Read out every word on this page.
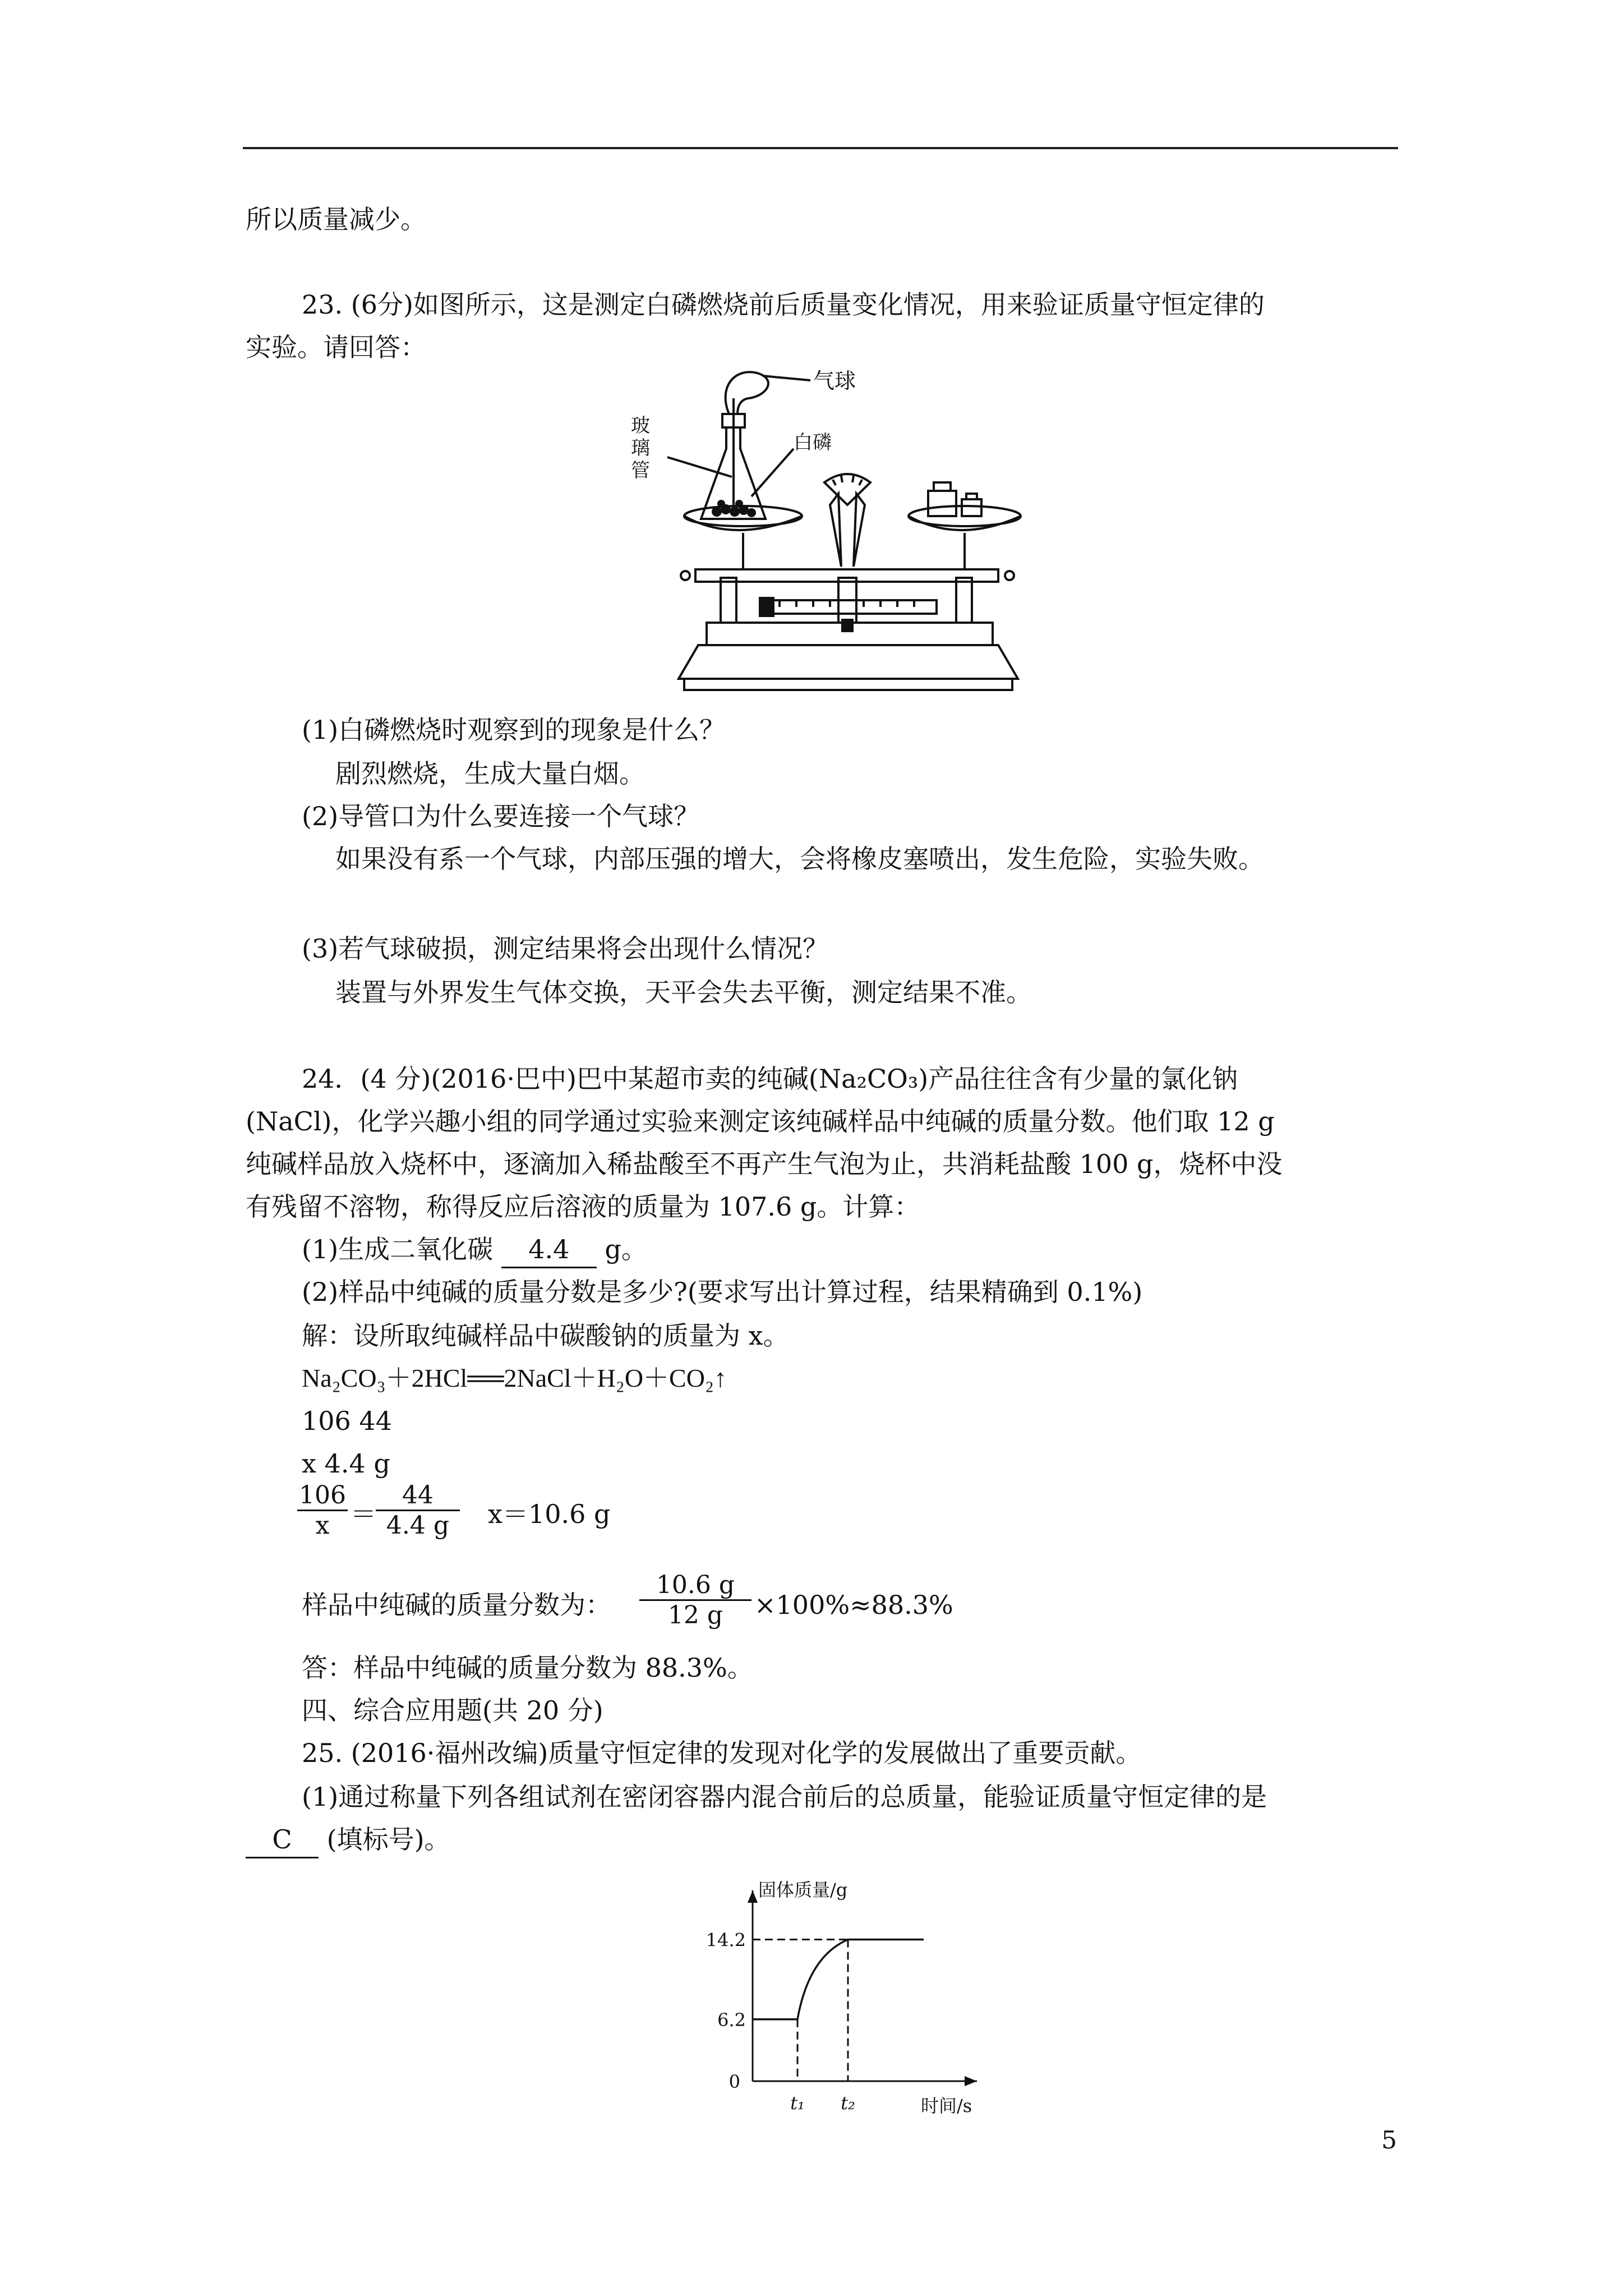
所以质量减少。
23. (6分)如图所示，这是测定白磷燃烧前后质量变化情况，用来验证质量守恒定律的
实验。请回答：
气球
玻
璃
管
白磷
(1)白磷燃烧时观察到的现象是什么？
剧烈燃烧，生成大量白烟。
(2)导管口为什么要连接一个气球？
如果没有系一个气球，内部压强的增大，会将橡皮塞喷出，发生危险，实验失败。
(3)若气球破损，测定结果将会出现什么情况？
装置与外界发生气体交换，天平会失去平衡，测定结果不准。
24．(4 分)(2016·巴中)巴中某超市卖的纯碱(Na₂CO₃)产品往往含有少量的氯化钠
(NaCl)，化学兴趣小组的同学通过实验来测定该纯碱样品中纯碱的质量分数。他们取 12 g
纯碱样品放入烧杯中，逐滴加入稀盐酸至不再产生气泡为止，共消耗盐酸 100 g，烧杯中没
有残留不溶物，称得反应后溶液的质量为 107.6 g。计算：
(1)生成二氧化碳 4.4 g。
(2)样品中纯碱的质量分数是多少?(要求写出计算过程，结果精确到 0.1%)
解：设所取纯碱样品中碳酸钠的质量为 x。
Na₂CO₃＋2HCl══2NaCl＋H₂O＋CO₂↑
106 44
x 4.4 g
$\frac{106}{x} = \frac{44}{4.4 g} x=10.6$ g
样品中纯碱的质量分数为： $\frac{10.6 g}{12 g} \times 100\%\approx 88.3\%$
答：样品中纯碱的质量分数为 88.3%。
四、综合应用题(共 20 分)
25. (2016·福州改编)质量守恒定律的发现对化学的发展做出了重要贡献。
(1)通过称量下列各组试剂在密闭容器内混合前后的总质量，能验证质量守恒定律的是
C (填标号)。
固体质量/g
时间/s
14.2
6.2
0
t₁ t₂
5
